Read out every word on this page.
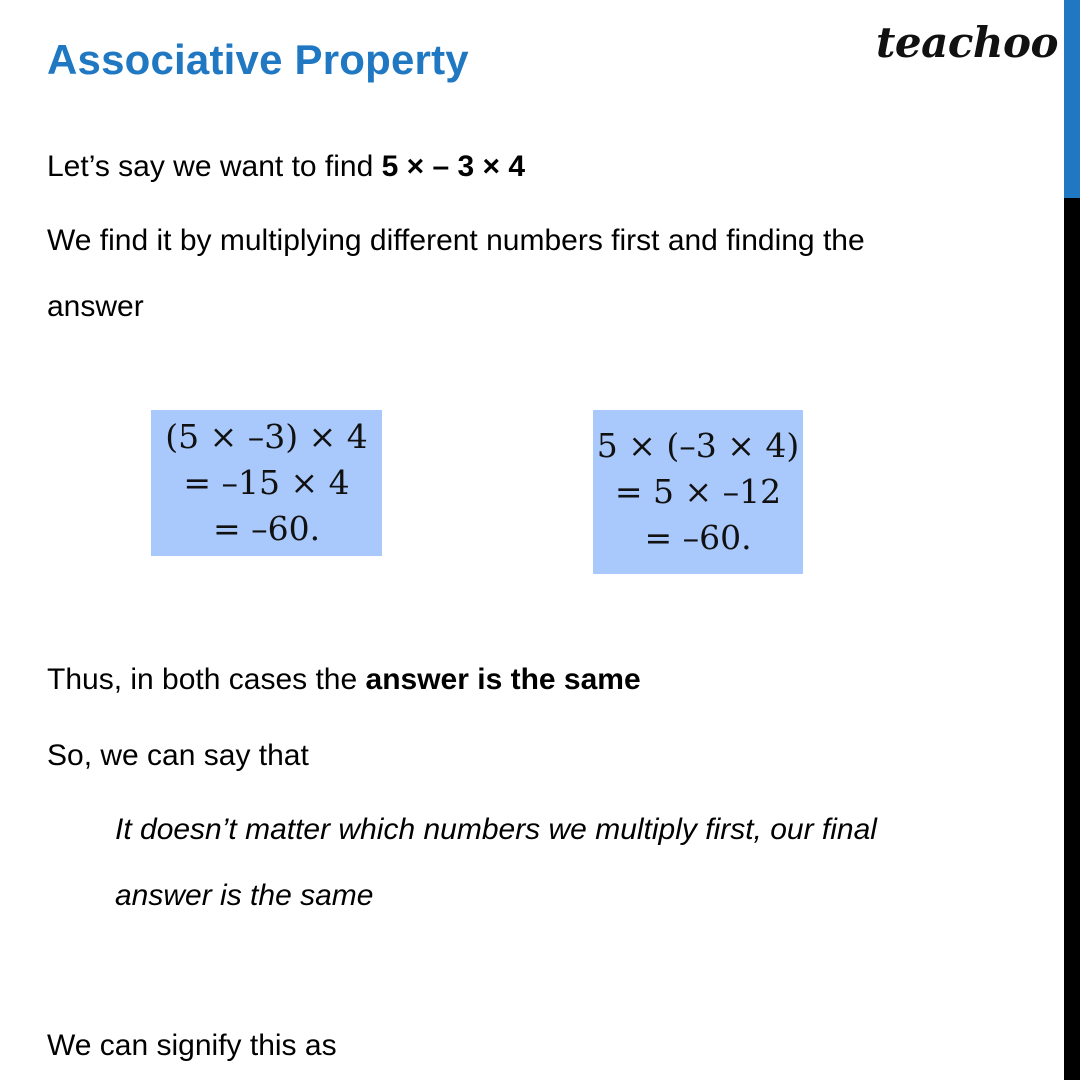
Associative Property	teachoo
Let’s say we want to find 5 × – 3 × 4
We find it by multiplying different numbers first and finding the
answer
(5 × –3) × 4
= –15 × 4
= –60.
5 × (–3 × 4)
= 5 × –12
= –60.
Thus, in both cases the answer is the same
So, we can say that
It doesn’t matter which numbers we multiply first, our final
answer is the same
We can signify this as
